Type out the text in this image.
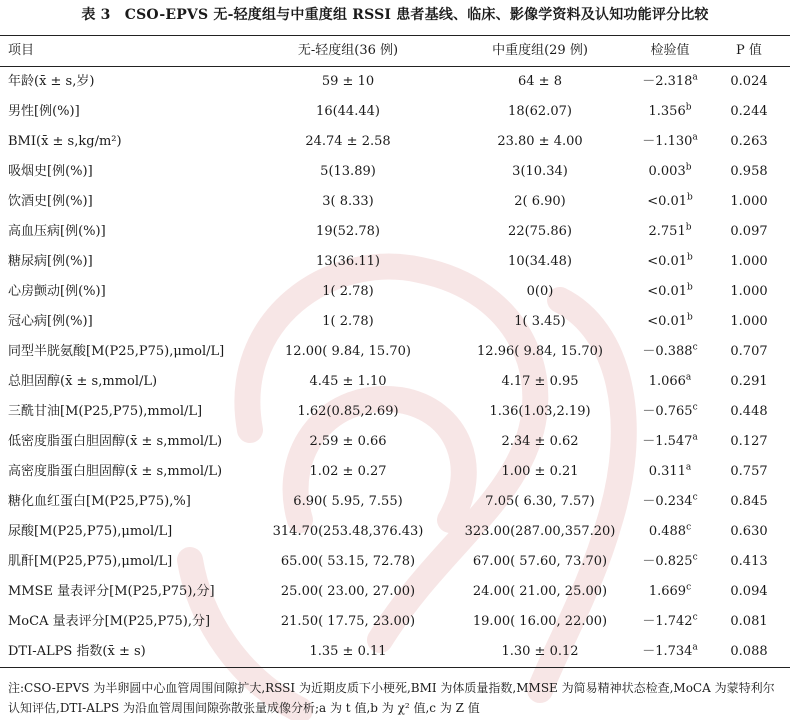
表 3　CSO-EPVS 无-轻度组与中重度组 RSSI 患者基线、临床、影像学资料及认知功能评分比较
项目	无-轻度组(36 例)	中重度组(29 例)	检验值	P 值
年龄(x̄ ± s,岁)	59 ± 10	64 ± 8	－2.318$^a$	0.024
男性[例(%)]	16(44.44)	18(62.07)	1.356$^b$	0.244
BMI(x̄ ± s,kg/m²)	24.74 ± 2.58	23.80 ± 4.00	－1.130$^a$	0.263
吸烟史[例(%)]	5(13.89)	3(10.34)	0.003$^b$	0.958
饮酒史[例(%)]	3( 8.33)	2( 6.90)	<0.01$^b$	1.000
高血压病[例(%)]	19(52.78)	22(75.86)	2.751$^b$	0.097
糖尿病[例(%)]	13(36.11)	10(34.48)	<0.01$^b$	1.000
心房颤动[例(%)]	1( 2.78)	0(0)	<0.01$^b$	1.000
冠心病[例(%)]	1( 2.78)	1( 3.45)	<0.01$^b$	1.000
同型半胱氨酸[M(P25,P75),μmol/L]	12.00( 9.84, 15.70)	12.96( 9.84, 15.70)	－0.388$^c$	0.707
总胆固醇(x̄ ± s,mmol/L)	4.45 ± 1.10	4.17 ± 0.95	1.066$^a$	0.291
三酰甘油[M(P25,P75),mmol/L]	1.62(0.85,2.69)	1.36(1.03,2.19)	－0.765$^c$	0.448
低密度脂蛋白胆固醇(x̄ ± s,mmol/L)	2.59 ± 0.66	2.34 ± 0.62	－1.547$^a$	0.127
高密度脂蛋白胆固醇(x̄ ± s,mmol/L)	1.02 ± 0.27	1.00 ± 0.21	0.311$^a$	0.757
糖化血红蛋白[M(P25,P75),%]	6.90( 5.95, 7.55)	7.05( 6.30, 7.57)	－0.234$^c$	0.845
尿酸[M(P25,P75),μmol/L]	314.70(253.48,376.43)	323.00(287.00,357.20)	0.488$^c$	0.630
肌酐[M(P25,P75),μmol/L]	65.00( 53.15, 72.78)	67.00( 57.60, 73.70)	－0.825$^c$	0.413
MMSE 量表评分[M(P25,P75),分]	25.00( 23.00, 27.00)	24.00( 21.00, 25.00)	1.669$^c$	0.094
MoCA 量表评分[M(P25,P75),分]	21.50( 17.75, 23.00)	19.00( 16.00, 22.00)	－1.742$^c$	0.081
DTI-ALPS 指数(x̄ ± s)	1.35 ± 0.11	1.30 ± 0.12	－1.734$^a$	0.088
注:CSO-EPVS 为半卵圆中心血管周围间隙扩大,RSSI 为近期皮质下小梗死,BMI 为体质量指数,MMSE 为简易精神状态检查,MoCA 为蒙特利尔认知评估,DTI-ALPS 为沿血管周围间隙弥散张量成像分析;a 为 t 值,b 为 χ² 值,c 为 Z 值
